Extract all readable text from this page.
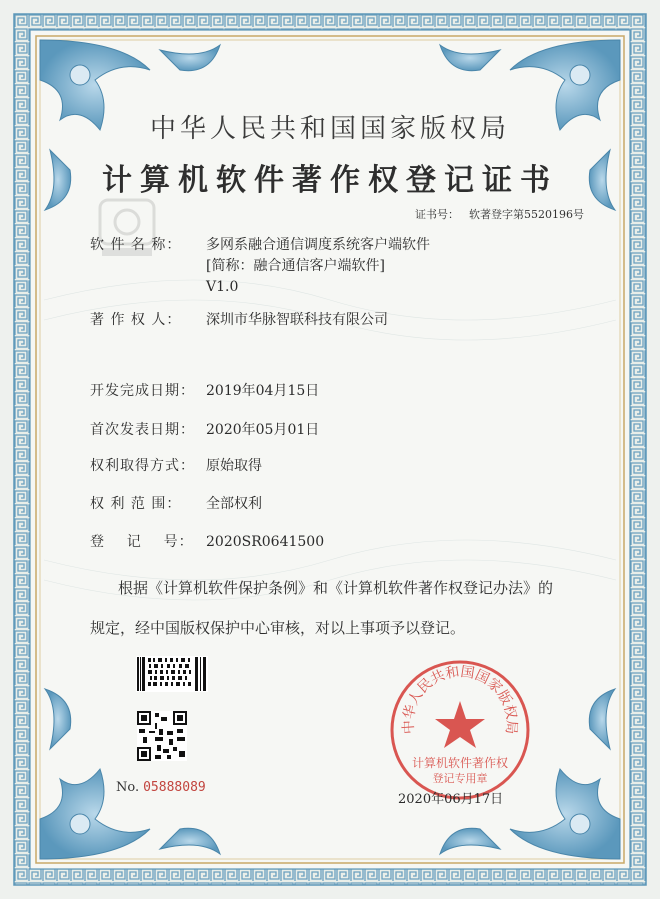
中华人民共和国国家版权局
计算机软件著作权登记证书
证书号： 软著登字第5520196号
软 件 名 称：	多网系融合通信调度系统客户端软件
[简称：融合通信客户端软件]
V1.0
著 作 权 人：	深圳市华脉智联科技有限公司
开发完成日期： 2019年04月15日
首次发表日期： 2020年05月01日
权利取得方式： 原始取得
权 利 范 围：	全部权利
登    记    号： 2020SR0641500
根据《计算机软件保护条例》和《计算机软件著作权登记办法》的
规定，经中国版权保护中心审核，对以上事项予以登记。
No. 05888089
中华人民共和国国家版权局
计算机软件著作权
登记专用章
2020年06月17日
